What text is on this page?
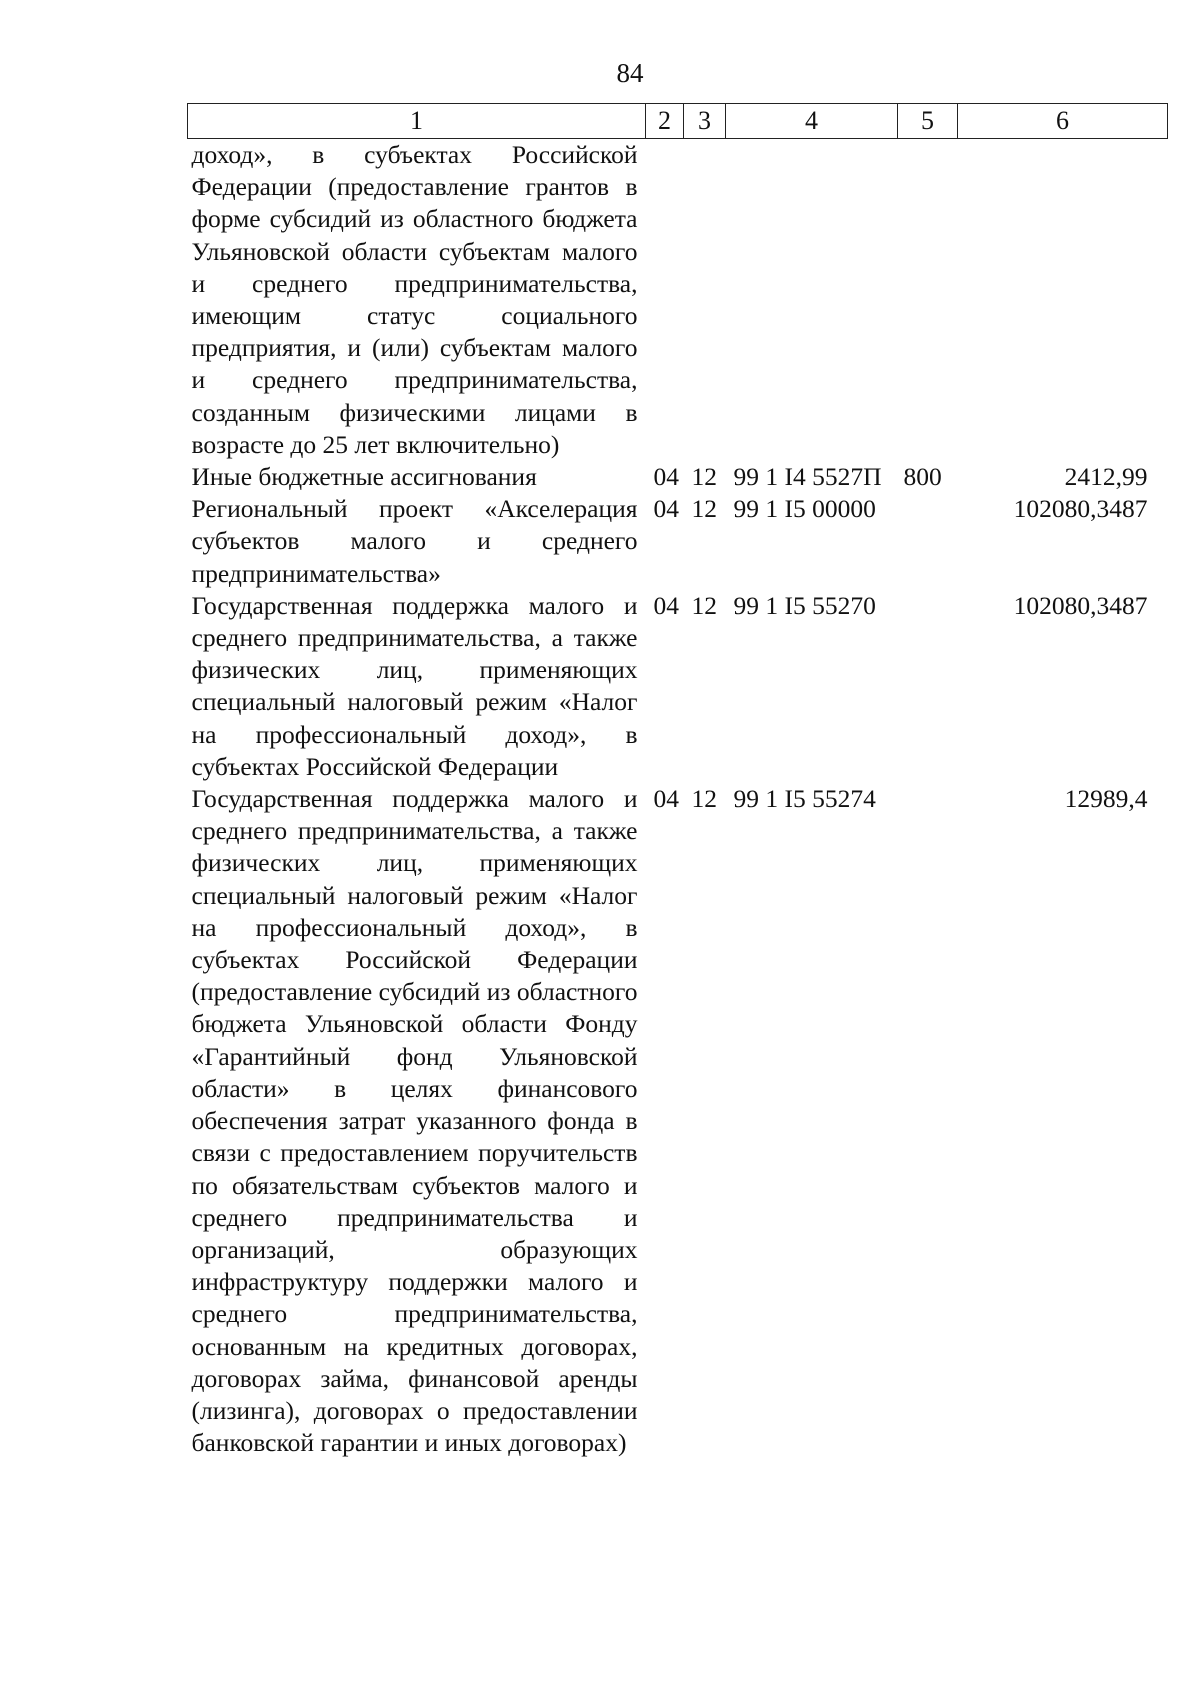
84
1	2	3	4	5	6
доход», в субъектах Российской Федерации (предоставление грантов в форме субсидий из областного бюджета Ульяновской области субъектам малого и среднего предпринимательства, имеющим статус социального предприятия, и (или) субъектам малого и среднего предпринимательства, созданным физическими лицами в возрасте до 25 лет включительно)					
Иные бюджетные ассигнования	04 12 99 1 I4 5527П			800	2412,99
Региональный проект «Акселерация субъектов малого и среднего предпринимательства»	04 12 99 1 I5 00000				102080,3487
Государственная поддержка малого и среднего предпринимательства, а также физических лиц, применяющих специальный налоговый режим «Налог на профессиональный доход», в субъектах Российской Федерации	04 12 99 1 I5 55270				102080,3487
Государственная поддержка малого и среднего предпринимательства, а также физических лиц, применяющих специальный налоговый режим «Налог на профессиональный доход», в субъектах Российской Федерации (предоставление субсидий из областного бюджета Ульяновской области Фонду «Гарантийный фонд Ульяновской области» в целях финансового обеспечения затрат указанного фонда в связи с предоставлением поручительств по обязательствам субъектов малого и среднего предпринимательства и организаций, образующих инфраструктуру поддержки малого и среднего предпринимательства, основанным на кредитных договорах, договорах займа, финансовой аренды (лизинга), договорах о предоставлении банковской гарантии и иных договорах)	04 12 99 1 I5 55274				12989,4
